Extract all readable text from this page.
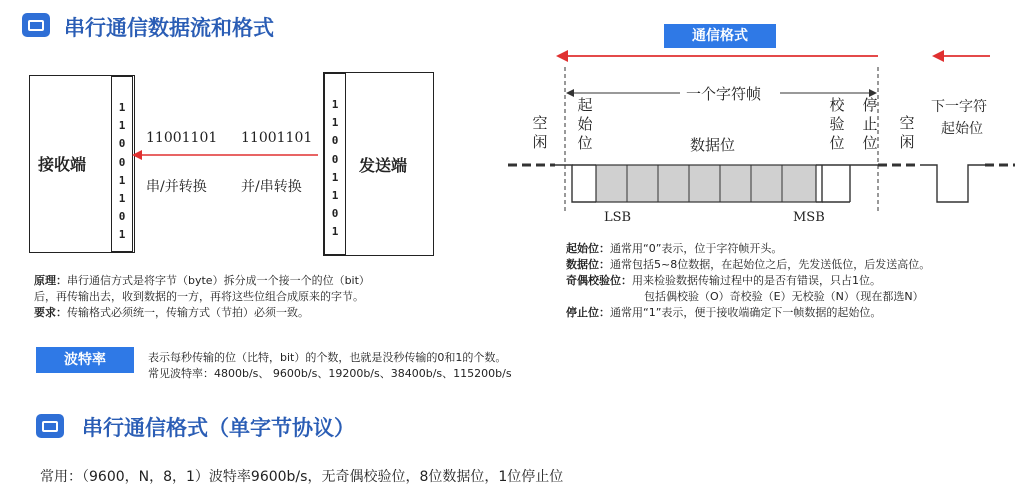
串行通信数据流和格式
接收端
1
1
0
0
1
1
0
1
1
1
0
0
1
1
0
1
发送端
11001101 11001101
串/并转换 并/串转换
原理：串行通信方式是将字节（byte）拆分成一个接一个的位（bit）
后，再传输出去，收到数据的一方，再将这些位组合成原来的字节。
要求：传输格式必须统一，传输方式（节拍）必须一致。
波特率	表示每秒传输的位（比特，bit）的个数，也就是没秒传输的0和1的个数。
常见波特率：4800b/s、 9600b/s、19200b/s、38400b/s、115200b/s
串行通信格式（单字节协议）
常用：（9600，N，8，1）波特率9600b/s，无奇偶校验位，8位数据位，1位停止位
通信格式
一个字符帧
空闲
起始位	数据位
校验位
停止位
空闲
下一字符
起始位
LSB	MSB
起始位：通常用“0”表示，位于字符帧开头。
数据位：通常包括5~8位数据，在起始位之后，先发送低位，后发送高位。
奇偶校验位：用来检验数据传输过程中的是否有错误，只占1位。
包括偶校验（O）奇校验（E）无校验（N）（现在都选N）
停止位：通常用“1”表示，便于接收端确定下一帧数据的起始位。
